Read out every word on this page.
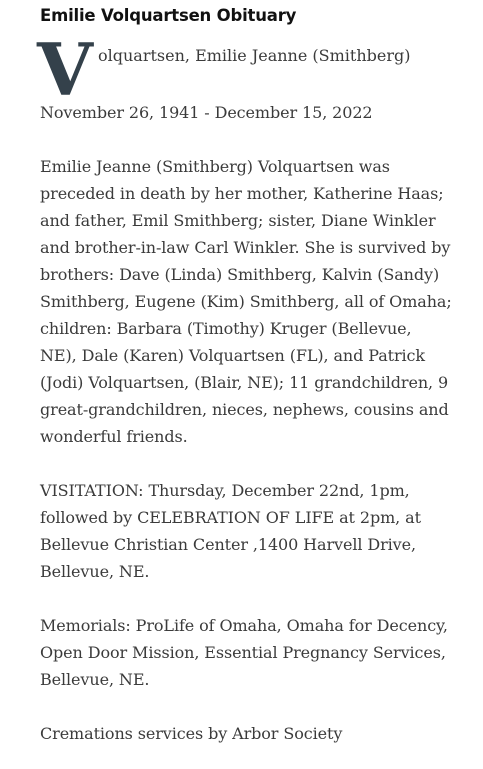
Emilie Volquartsen Obituary
V olquartsen, Emilie Jeanne (Smithberg)

November 26, 1941 - December 15, 2022

Emilie Jeanne (Smithberg) Volquartsen was preceded in death by her mother, Katherine Haas; and father, Emil Smithberg; sister, Diane Winkler and brother-in-law Carl Winkler. She is survived by brothers: Dave (Linda) Smithberg, Kalvin (Sandy) Smithberg, Eugene (Kim) Smithberg, all of Omaha; children: Barbara (Timothy) Kruger (Bellevue, NE), Dale (Karen) Volquartsen (FL), and Patrick (Jodi) Volquartsen, (Blair, NE); 11 grandchildren, 9 great-grandchildren, nieces, nephews, cousins and wonderful friends.

VISITATION: Thursday, December 22nd, 1pm, followed by CELEBRATION OF LIFE at 2pm, at Bellevue Christian Center ,1400 Harvell Drive, Bellevue, NE.

Memorials: ProLife of Omaha, Omaha for Decency, Open Door Mission, Essential Pregnancy Services, Bellevue, NE.

Cremations services by Arbor Society
